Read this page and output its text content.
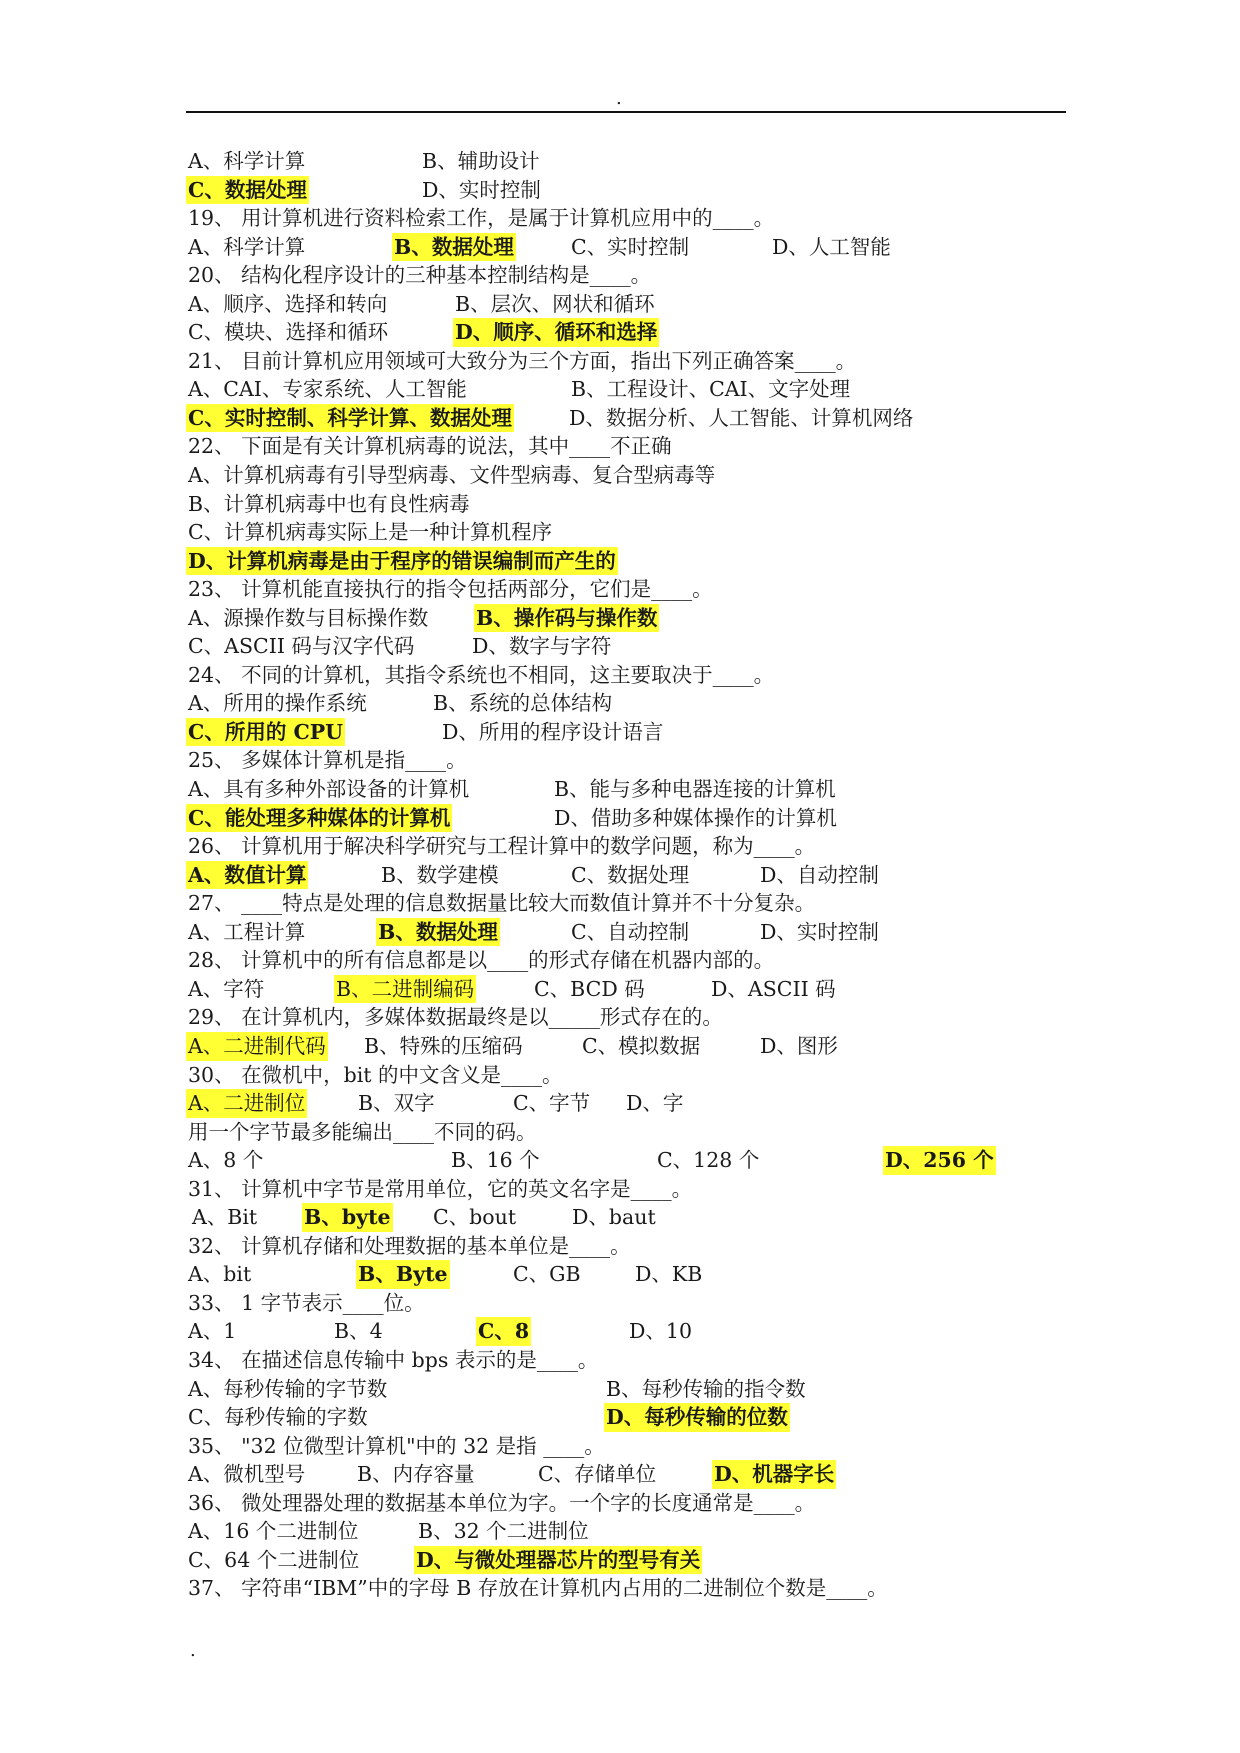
.
A、科学计算	B、辅助设计
C、数据处理	D、实时控制
19、 用计算机进行资料检索工作，是属于计算机应用中的____。
A、科学计算	B、数据处理	C、实时控制	D、人工智能
20、 结构化程序设计的三种基本控制结构是____。
A、顺序、选择和转向	B、层次、网状和循环
C、模块、选择和循环	D、顺序、循环和选择
21、 目前计算机应用领域可大致分为三个方面，指出下列正确答案____。
A、CAI、专家系统、人工智能	B、工程设计、CAI、文字处理
C、实时控制、科学计算、数据处理	D、数据分析、人工智能、计算机网络
22、 下面是有关计算机病毒的说法，其中____不正确
A、计算机病毒有引导型病毒、文件型病毒、复合型病毒等
B、计算机病毒中也有良性病毒
C、计算机病毒实际上是一种计算机程序
D、计算机病毒是由于程序的错误编制而产生的
23、 计算机能直接执行的指令包括两部分，它们是____。
A、源操作数与目标操作数 B、操作码与操作数
C、ASCII 码与汉字代码	D、数字与字符
24、 不同的计算机，其指令系统也不相同，这主要取决于____。
A、所用的操作系统	B、系统的总体结构
C、所用的 CPU	D、所用的程序设计语言
25、 多媒体计算机是指____。
A、具有多种外部设备的计算机	B、能与多种电器连接的计算机
C、能处理多种媒体的计算机	D、借助多种媒体操作的计算机
26、 计算机用于解决科学研究与工程计算中的数学问题，称为____。
A、数值计算	B、数学建模	C、数据处理	D、自动控制
27、 ____特点是处理的信息数据量比较大而数值计算并不十分复杂。
A、工程计算	B、数据处理	C、自动控制	D、实时控制
28、 计算机中的所有信息都是以____的形式存储在机器内部的。
A、字符	B、二进制编码	C、BCD 码	D、ASCII 码
29、 在计算机内，多媒体数据最终是以_____形式存在的。
A、二进制代码 B、特殊的压缩码	C、模拟数据	D、图形
30、 在微机中，bit 的中文含义是____。
A、二进制位	B、双字	C、字节 D、字
用一个字节最多能编出____不同的码。
A、8 个	B、16 个	C、128 个	D、256 个
31、 计算机中字节是常用单位，它的英文名字是____。
A、Bit B、byte C、bout	D、baut
32、 计算机存储和处理数据的基本单位是____。
A、bit	B、Byte	C、GB	D、KB
33、 1 字节表示____位。
A、1	B、4	C、8	D、10
34、 在描述信息传输中 bps 表示的是____。
A、每秒传输的字节数	B、每秒传输的指令数
C、每秒传输的字数	D、每秒传输的位数
35、 "32 位微型计算机"中的 32 是指 ____。
A、微机型号	B、内存容量	C、存储单位	D、机器字长
36、 微处理器处理的数据基本单位为字。一个字的长度通常是____。
A、16 个二进制位	B、32 个二进制位
C、64 个二进制位	D、与微处理器芯片的型号有关
37、 字符串“IBM”中的字母 B 存放在计算机内占用的二进制位个数是____。
.
